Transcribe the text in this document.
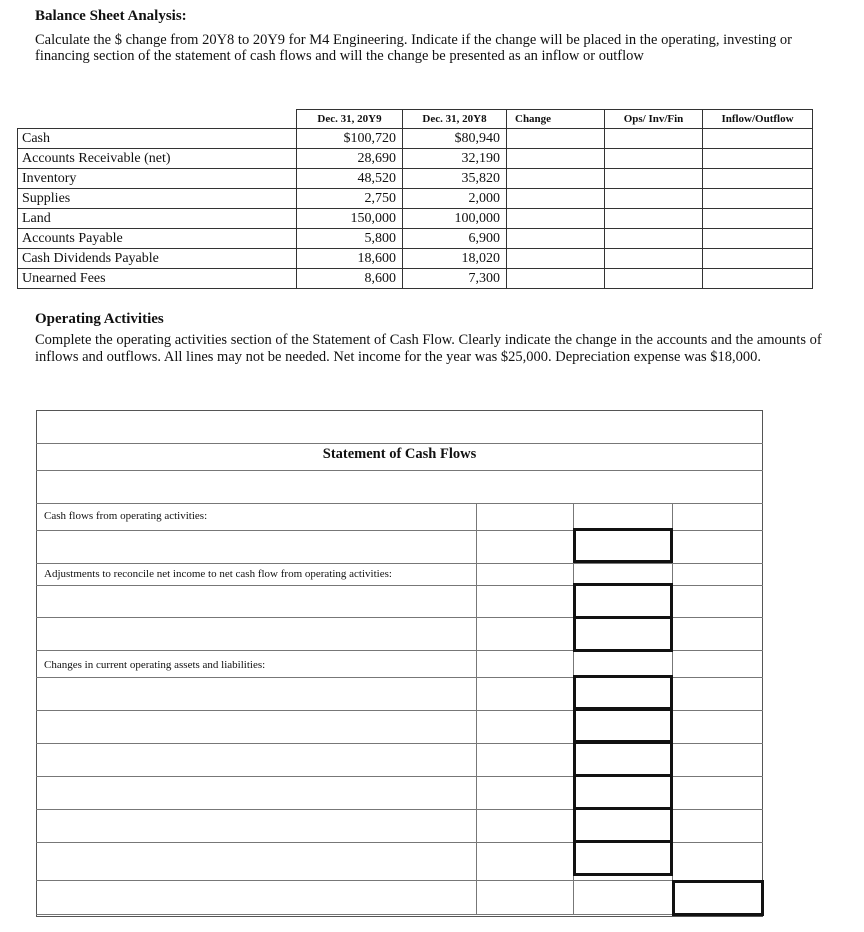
Balance Sheet Analysis:
Calculate the $ change from 20Y8 to 20Y9 for M4 Engineering. Indicate if the change will be placed in the operating, investing or financing section of the statement of cash flows and will the change be presented as an inflow or outflow
	Dec. 31, 20Y9	Dec. 31, 20Y8	Change	Ops/ Inv/Fin	Inflow/Outflow
Cash	$100,720	$80,940			
Accounts Receivable (net)	28,690	32,190			
Inventory	48,520	35,820			
Supplies	2,750	2,000			
Land	150,000	100,000			
Accounts Payable	5,800	6,900			
Cash Dividends Payable	18,600	18,020			
Unearned Fees	8,600	7,300			
Operating Activities
Complete the operating activities section of the Statement of Cash Flow. Clearly indicate the change in the accounts and the amounts of inflows and outflows. All lines may not be needed. Net income for the year was $25,000. Depreciation expense was $18,000.
Statement of Cash Flows
Cash flows from operating activities:
Adjustments to reconcile net income to net cash flow from operating activities:
Changes in current operating assets and liabilities:
